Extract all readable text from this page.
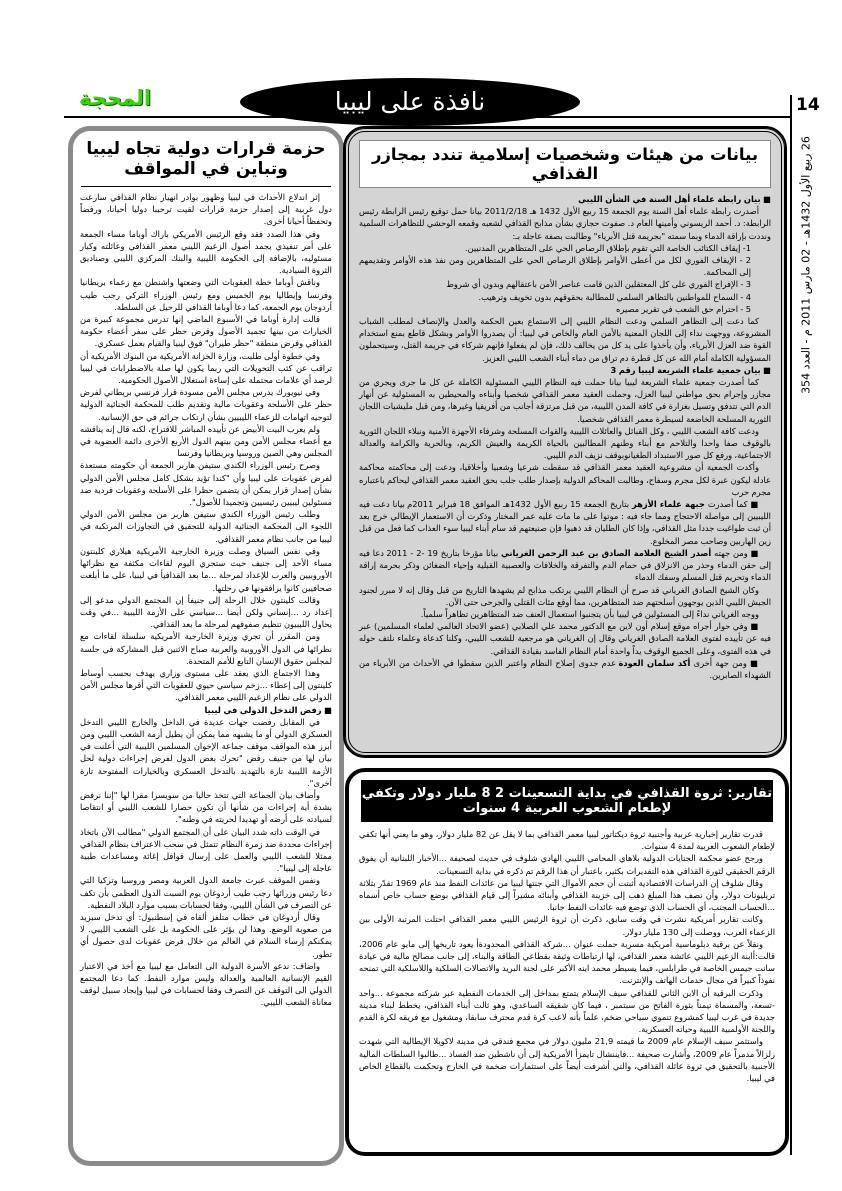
المحجة	نافذة على ليبيا	14
26 ربيع الأول 1432هـ - 02 مارس 2011 م - العدد 354
حزمة قرارات دولية تجاه ليبيا وتباين في المواقف

إثر اندلاع الأحداث في ليبيا وظهور بوادر انهيار نظام القذافي سارعت دول غربية إلى إصدار حزمة قرارات لقيت ترحيبا دوليا أحيانا، ورفضاً وتحفظاً أحيانا أخرى.

وفي هذا الصدد فقد وقع الرئيس الأمريكي باراك أوباما مساء الجمعة على أمر تنفيذي يجمد أصول الزعيم الليبي معمر القذافي وعائلته وكبار مسئوليه، بالإضافة إلى الحكومة الليبية والبنك المركزي الليبي وصناديق الثروة السيادية.

وناقش أوباما خطة العقوبات التي وضعتها واشنطن مع زعماء بريطانيا وفرنسا وإيطاليا يوم الخميس ومع رئيس الوزراء التركي رجب طيب أردوجان يوم الجمعة، كما دعا أوباما القذافي للرحيل عن السلطة.

قالت إدارة أوباما في الأسبوع الماضي إنها تدرس مجموعة كبيرة من الخيارات من بينها تجميد الأصول وفرض حظر على سفر أعضاء حكومة القذافي وفرض منطقة "حظر طيران" فوق ليبيا والقيام بعمل عسكري.

وفي خطوة أولى طلبت، وزارة الخزانة الأمريكية من البنوك الأمريكية أن تراقب عن كثب التحويلات التي ربما يكون لها صلة بالاضطرابات في ليبيا لرصد أي علامات محتملة على إساءة استغلال الأصول الحكومية.

وفي نيويورك يدرس مجلس الأمن مسودة قرار فرنسي بريطاني لفرض حظر على الأسلحة وعقوبات مالية وتقديم طلب للمحكمة الجنائية الدولية لتوجيه اتهامات للزعماء الليبيين بشأن ارتكاب جرائم في حق الإنسانية.

ولم يعرب البيت الأبيض عن تأييده المباشر للاقتراح، لكنه قال إنه يناقشه مع أعضاء مجلس الأمن ومن بينهم الدول الأربع الأخرى دائمة العضوية في المجلس وهي الصين وروسيا وبريطانيا وفرنسا

وصرح رئيس الوزراء الكندي ستيفن هاربر الجمعة أن حكومته مستعدة لفرض عقوبات على ليبيا وأن "كندا تؤيد بشكل كامل مجلس الأمن الدولي بشأن إصدار قرار يمكن أن يتضمن حظرا على الأسلحة وعقوبات فردية ضد مسئولين ليبيين رئيسيين وتجميدا للأصول".

وطلب رئيس الوزراء الكندي ستيفن هاربر من مجلس الأمن الدولي اللجوء الى المحكمة الجنائية الدولية للتحقيق في التجاوزات المرتكبة في ليبيا من جانب نظام معمر القذافي.

وفي نفس السياق وصلت وزيرة الخارجية الأمريكية هيلاري كلينتون مساء الأحد إلى جنيف حيث ستجري اليوم لقاءات مكثفة مع نظرائها الأوروبيين والعرب للإعداد لمرحلة ...ما بعد القذافيأ في ليبيا، على ما أبلغت صحافيين كانوا يرافقونها في رحلتها.

وقالت كلينتون خلال الرحلة إلى جنيفأ إن المجتمع الدولي مدعو إلى إعداد رد ...إنساني ولكن أيضا ...سياسي على الأزمة الليبية ...في وقت يحاول الليبيون تنظيم صفوفهم لمرحلة ما بعد القذافي.

ومن المقرر أن تجري وزيرة الخارجية الأمريكية سلسلة لقاءات مع نظرائها في الدول الأوروبية والعربية صباح الاثنين قبل المشاركة في جلسة لمجلس حقوق الإنسان التابع للأمم المتحدة.

وهذا الاجتماع الذي يعقد على مستوى وزاري يهدف بحسب أوساط كلينتون إلى إعطاء ...زخم سياسي حيوي للعقوبات التي أقرها مجلس الأمن الدولي على نظام الزعيم الليبي معمر القذافي.

■ رفض التدخل الدولي في ليبيا

في المقابل رفضت جهات عديدة في الداخل والخارج الليبي التدخل العسكري الدولي أو ما يشبهه مما يمكن أن يطيل أزمة الشعب الليبي ومن أبرز هذه المواقف موقف جماعة الإخوان المسلمين الليبية التي أعلنت في بيان لها من جنيف رفض "تحرك بعض الدول لفرض إجراءات دولية لحل الأزمة الليبية تارة بالتهديد بالتدخل العسكري وبالخيارات المفتوحة تارة أخرى".

وأضاف بيان الجماعة التي تتخذ حاليا من سويسرا مقرا لها "إننا نرفض بشدة أية إجراءات من شأنها أن تكون حصارا للشعب الليبي أو انتقاصا لسيادته على أرضه أو تهديدا لحريته في وطنه".

في الوقت ذاته شدد البيان على أن المجتمع الدولي "مطالب الآن باتخاذ إجراءات محددة ضد زمرة النظام تتمثل في سحب الاعتراف بنظام القذافي ممثلا للشعب الليبي والعمل على إرسال قوافل إغاثة ومساعدات طبية عاجلة إلى ليبيا".

ونفس الموقف عبرت جامعة الدول العربية ومصر وروسيا وتركيا التي دعا رئيس وزرائها رجب طيب أردوغان يوم السبت الدول العظمى بأن تكف عن التصرف في الشأن الليبي، وفقا لحسابات بسبب موارد البلاد النفطية.

وقال أردوغان في خطاب متلفز ألقاه في إسطنبول: أي تدخل سيزيد من صعوبة الوضع. وهذا لن يؤثر على الحكومة بل على الشعب الليبي. لا يمكنكم إرساء السلام في العالم من خلال فرض عقوبات لدى حصول أي تطور.

واضاف: ندعو الأسرة الدولية الى التعامل مع ليبيا مع أخذ في الاعتبار القيم الإنسانية العالمية والعدالة وليس موارد النفط. كما دعا المجتمع الدولي الى التوقف عن التصرف وفقا لحسابات في ليبيا وإيجاد سبيل لوقف معاناة الشعب الليبي.

بيانات من هيئات وشخصيات إسلامية تندد بمجازر القذافي

■ بيان رابطة علماء أهل السنة في الشأن الليبي

أصدرت رابطة علماء أهل السنة يوم الجمعة 15 ربيع الأول 1432 هـ 2011/2/18 بيانا حمل توقيع رئيس الرابطة رئيس الرابطة: د. أحمد الريسوني وأمينها العام د. صفوت حجازي بشأن مذابح القذافي لشعبه وقمعه الوحشي للتظاهرات السلمية ونددت بإراقة الدماء وبما سمته "بجريمة قتل الأبرياء" وطالبت بصفة عاجلة بـ:

1- إيقاف الكتائب الخاصة التي تقوم بإطلاق الرصاص الحي على المتظاهرين المدنيين.

2 - الإيقاف الفوري لكل من أعطى الأوامر بإطلاق الرصاص الحي على المتظاهرين ومن نفذ هذه الأوامر وتقديمهم إلى المحاكمة.

3 - الإفراج الفوري على كل المعتقلين الذين قامت عناصر الأمن باعتقالهم وبدون أي شروط

4 - السماح للمواطنين بالتظاهر السلمي للمطالبة بحقوقهم بدون تخويف وترهيب.

5 - احترام حق الشعب في تقرير مصيره

كما دعت إلى التظاهر السلمي ودعت النظام الليبي إلى الاستماع بعين الحكمة والعدل والإنصاف لمطلب الشباب المشروعة، ووجهت نداء إلى اللجان المعنية بالأمن العام والخاص في ليبيا: أن يصدروا الأوامر وبشكل قاطع بمنع استخدام القوة ضد العزل الأبرياء، وأن يأخذوا على يد كل من يخالف ذلك، فإن لم يفعلوا فإنهم شركاء في جريمة القتل، وسيتحملون المسؤولية الكاملة أمام الله عن كل قطرة دم تراق من دماء أبناء الشعب الليبي العزيز.

■ بيان جمعية علماء الشريعة ليبيا رقم 3

كما أصدرت جمعية علماء الشريعة ليبيا بيانا حملت فيه النظام الليبي المسئولية الكاملة عن كل ما جرى ويجري من مجازر وإجرام بحق مواطني ليبيا العزل، وحملت العقيد معمر القذافي شخصيا وأبناءه والمحيطين به المسئولية عن أنهار الدم التي تتدفق وتسيل بغزارة في كافة المدن الليبية، من قبل مرتزقة أجانب من أفريقيا وغيرها، ومن قبل مليشيات اللجان الثورية المسلحة الخاضعة لسيطرة معمر القذافي شخصيا.

ودعت كافة الشعب الليبي ، وكل القبائل والعائلات الليبية والقوات المسلحة وشرفاء الأجهزة الأمنية ونبلاء اللجان الثورية بالوقوف صفا واحدا والتلاحم مع أبناء وطنهم المطالبين بالحياة الكريمة والعيش الكريم، وبالحرية والكرامة والعدالة الاجتماعية، ورفع كل صور الاستبداد الطغيانوبوقف نزيف الدم الليبي.

وأكدت الجمعية أن مشروعية العقيد معمر القذافي قد سقطت شرعيا وشعبيا وأخلاقيا، ودعت إلى محاكمته محاكمة عادلة ليكون عبرة لكل مجرم وسفاح، وطالبت المحاكم الدولية بإصدار طلب جلب بحق العقيد معمر القذافي ليحاكم باعتباره مجرم حرب

■ كما أصدرت جبهة علماء الأزهر بتاريخ الجمعة 15 ربيع الأول 1432هـ الموافق 18 فبراير 2011م بيانا دعت فيه الليبيين إلى مواصلة الاحتجاج ومما جاء فيه : موتوا على ما مات عليه عمر المختار وذكرت أن الاستعمار الإيطالي خرج بعد أن ثبت طواغيت جددا مثل القذافي، وإذا كان الطليان قد ذهبوا فإن صنيعتهم قد سام أبناء ليبيا سوء العذاب كما فعل من قبل زين الهاربين وصاحب مصر المخلوع.

■ ومن جهته أصدر الشيخ العلامة الصادق بن عبد الرحمن الغرياني بيانا مؤرخا بتاريخ 19 -2 - 2011 دعا فيه إلى حقن الدماء وحذر من الانزلاق في حمام الدم والتفرقة والخلافات والعصبية القبلية وإحياء الضغائن وذكر بحرمة إراقة الدماء وتحريم قتل المسلم وسفك الدماء

وكان الشيخ الصادق الغرياني قد صرح أن النظام الليبي يرتكب مذابح لم يشهدها التاريخ من قبل وقال إنه لا مبرر لجنود الجيش الليبي الذين يوجهون أسلحتهم ضد المتظاهرين، مما أوقع مئات القتلى والجرحى حتى الآن.

ووجه الغرياني نداءً إلى المسئولين في ليبيا بأن يتجنبوا استعمال العنف ضد المتظاهرين تظاهراً سلمياً.

■ وفي حوار أجراه موقع إسلام أون لاين مع الدكتور محمد علي الصلابي (عضو الاتحاد العالمي لعلماء المسلمين) عبر فيه عن تأييده لفتوى العلامة الصادق الغرياني وقال إن الغرياني هو مرجعية للشعب الليبي، وكلنا كدعاة وعلماء نلتف حوله في هذه الفتوى، وعلى الجميع الوقوف يداً واحدة أمام النظام الفاسد بقيادة القذافي.

■ ومن جهة أخرى أكد سلمان العودة عدم جدوى إصلاح النظام واعتبر الذين سقطوا في الأحداث من الأبرياء من الشهداء الصابرين.

تقارير: ثروة القذافي في بداية التسعينات 2 8 مليار دولار وتكفي لإطعام الشعوب العربية 4 سنوات

قدرت تقارير إخبارية عربية وأجنبية ثروة ديكتاتور ليبيا معمر القذافي بما لا يقل عن 82 مليار دولار، وهو ما يعني أنها تكفي لإطعام الشعوب العربية لمدة 4 سنوات.

ورجح عضو محكمة الجنايات الدولية بلاهاي المحامي الليبي الهادي شلوف في حديث لصحيفة ...الأخبار اللبنانية أن يفوق الرقم الحقيقي لثورة القذافي هذه التقديرات بكثير، باعتبار أن هذا الرقم تم ذكره في بداية التسعينات.

وقال شلوف إن الدراسات الاقتصادية أثبتت أن حجم الأموال التي جنتها ليبيا من عائدات النفط منذ عام 1969 تقدّر بثلاثة تريليونات دولار، وأن نصف هذا المبلغ ذهب إلى خزينة القذافي وأبنائه مشيراً إلى قيام القذافي بوضع حساب خاص أسماه ...الحساب المجنب، أي الحساب الذي توضع فيه عائدات النفط جانبا.

وكانت تقارير أمريكية نشرت في وقت سابق، ذكرت أن ثروة الرئيس الليبي معمر القذافي احتلت المرتبة الأولى بين الزعماء العرب، ووصلت إلى 130 مليار دولار.

ونقلاً عن برقية دبلوماسية أمريكية مسربة حملت عنوان ...شركة القذافي المحدودةأ يعود تاريخها إلى مايو عام 2006، قالت:أابنة الزعيم الليبي عائشة معمر القذافي، لها ارتباطات وثيقة بقطاعي الطاقة والبناء، إلى جانب مصالح مالية في عيادة سانت جيمس الخاصة في طرابلس، فيما يسيطر محمد ابنه الأكبر على لجنة البريد والاتصالات السلكية واللاسلكية التي تمنحه نفوذاً كبيراً في مجال خدمات الهاتف والإنترنت.

وذكرت البرقية أن الابن الثاني للقذافي سيف الإسلام يتمتع بمداخل إلى الخدمات النفطية عبر شركته مجموعة ...واحد -تسعة، والمسماة تيمناً بثورة الفاتح من سبتمبر ، فيما كان شقيقه الساعدي، وهو ثالث أبناء القذافي، يخطط لبناء مدينة جديدة في غرب ليبيا كمشروع تنموي سياحي ضخم، علماً بأنه لاعب كرة قدم محترف سابقا، ومشغول مع فريقه لكرة القدم واللجنة الأولمبية الليبية وحياته العسكرية.

واستثمر سيف الإسلام عام 2009 ما قيمته 21,9 مليون دولار في مجمع فندقي في مدينة لاكويلا الإيطالية التي شهدت زلزالاً مدمراً عام 2009، وأشارت صحيفة ...فايننشال تايمزأ الأمريكية إلى أن ناشطين ضد الفساد ...طالبوا السلطات المالية الأجنبية بالتحقيق في ثروة عائلة القذافي، والتي أشرفت أيضاً على استثمارات ضخمة في الخارج وتحكمت بالقطاع الخاص في ليبيا.
